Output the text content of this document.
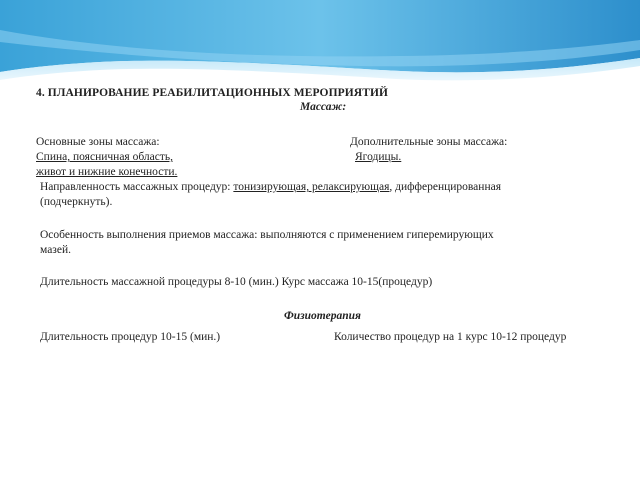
4. ПЛАНИРОВАНИЕ РЕАБИЛИТАЦИОННЫХ МЕРОПРИЯТИЙ
Массаж:
Основные зоны массажа:	Дополнительные зоны массажа:
Спина, поясничная область,	Ягодицы.
живот и нижние конечности.
Направленность массажных процедур: тонизирующая, релаксирующая, дифференцированная
(подчеркнуть).
Особенность выполнения приемов массажа: выполняются с применением гиперемирующих
мазей.
Длительность массажной процедуры 8-10 (мин.) Курс массажа 10-15(процедур)
Физиотерапия
Длительность процедур 10-15 (мин.)	Количество процедур на 1 курс 10-12 процедур
